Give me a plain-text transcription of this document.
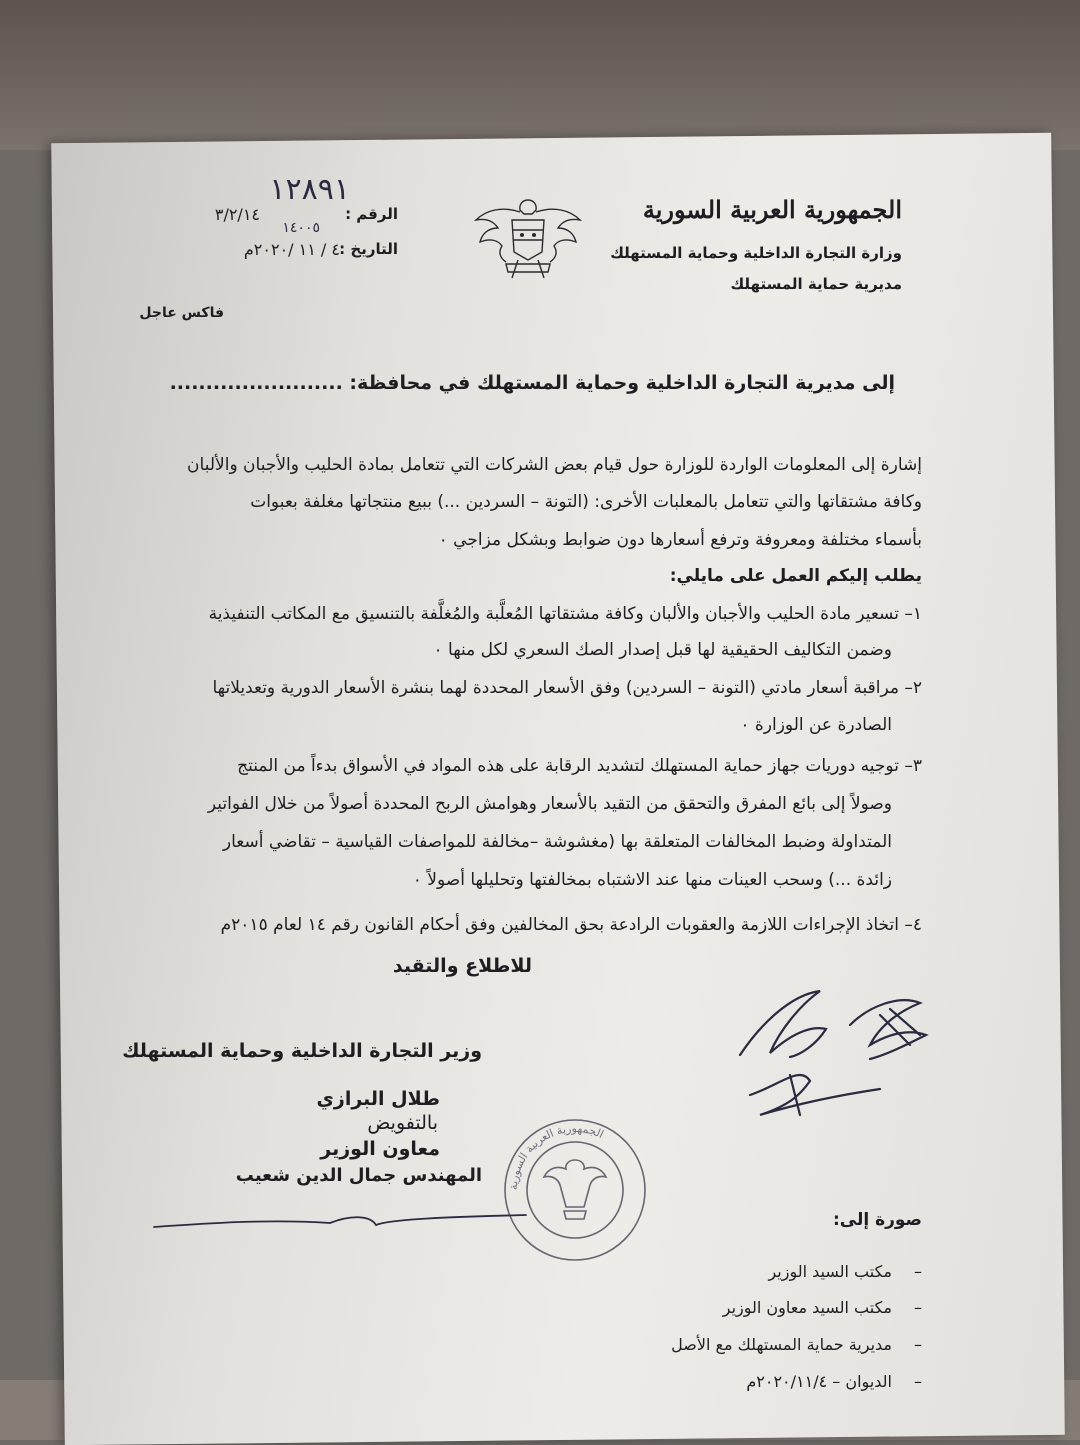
الجمهورية العربية السورية
وزارة التجارة الداخلية وحماية المستهلك
مديرية حماية المستهلك
الرقم :
٣/٢/١٤
١٢٨٩١
١٤٠٠٥
التاريخ :
٤ / ١١ /٢٠٢٠م
فاكس عاجل
إلى مديرية التجارة الداخلية وحماية المستهلك في محافظة: ........................
إشارة إلى المعلومات الواردة للوزارة حول قيام بعض الشركات التي تتعامل بمادة الحليب والأجبان والألبان
وكافة مشتقاتها والتي تتعامل بالمعلبات الأخرى: (التونة – السردين ...) ببيع منتجاتها مغلفة بعبوات
بأسماء مختلفة ومعروفة وترفع أسعارها دون ضوابط وبشكل مزاجي ٠
يطلب إليكم العمل على مايلي:
١– تسعير مادة الحليب والأجبان والألبان وكافة مشتقاتها المُعلَّبة والمُغلَّفة بالتنسيق مع المكاتب التنفيذية
وضمن التكاليف الحقيقية لها قبل إصدار الصك السعري لكل منها ٠
٢– مراقبة أسعار مادتي (التونة – السردين) وفق الأسعار المحددة لهما بنشرة الأسعار الدورية وتعديلاتها
الصادرة عن الوزارة ٠
٣– توجيه دوريات جهاز حماية المستهلك لتشديد الرقابة على هذه المواد في الأسواق بدءاً من المنتج
وصولاً إلى بائع المفرق والتحقق من التقيد بالأسعار وهوامش الربح المحددة أصولاً من خلال الفواتير
المتداولة وضبط المخالفات المتعلقة بها (مغشوشة –مخالفة للمواصفات القياسية – تقاضي أسعار
زائدة ...) وسحب العينات منها عند الاشتباه بمخالفتها وتحليلها أصولاً ٠
٤– اتخاذ الإجراءات اللازمة والعقوبات الرادعة بحق المخالفين وفق أحكام القانون رقم ١٤ لعام ٢٠١٥م
للاطلاع والتقيد
وزير التجارة الداخلية وحماية المستهلك
طلال البرازي
بالتفويض
معاون الوزير
المهندس جمال الدين شعيب
الجمهورية العربية السورية
صورة إلى:
–مكتب السيد الوزير
–مكتب السيد معاون الوزير
–مديرية حماية المستهلك مع الأصل
–الديوان – ٢٠٢٠/١١/٤م
